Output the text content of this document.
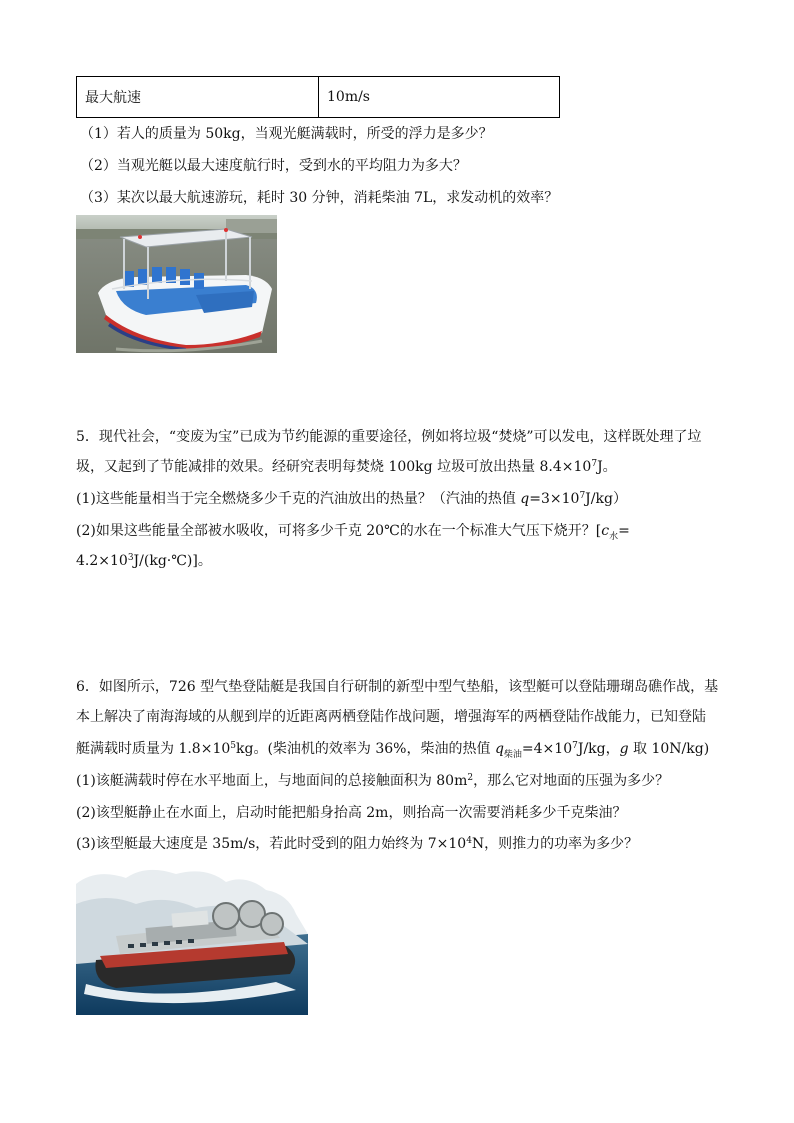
最大航速	10m/s
（1）若人的质量为 50kg，当观光艇满载时，所受的浮力是多少？
（2）当观光艇以最大速度航行时，受到水的平均阻力为多大？
（3）某次以最大航速游玩，耗时 30 分钟，消耗柴油 7L，求发动机的效率？
5．现代社会，“变废为宝”已成为节约能源的重要途径，例如将垃圾“焚烧”可以发电，这样既处理了垃
圾，又起到了节能减排的效果。经研究表明每焚烧 100kg 垃圾可放出热量 $8.4\times 10^7J$。
(1)这些能量相当于完全燃烧多少千克的汽油放出的热量？（汽油的热值 $q=3\times 10^7J/kg$）
(2)如果这些能量全部被水吸收，可将多少千克 20℃的水在一个标准大气压下烧开？[$c_水=$
$4.2\times 10^3J/(kg\cdot℃)$]。
6．如图所示，726 型气垫登陆艇是我国自行研制的新型中型气垫船，该型艇可以登陆珊瑚岛礁作战，基
本上解决了南海海域的从舰到岸的近距离两栖登陆作战问题，增强海军的两栖登陆作战能力，已知登陆
艇满载时质量为 $1.8\times 10^5kg$。(柴油机的效率为 36%，柴油的热值 $q_{柴油}=4\times 10^7J/kg$，g 取 10N/kg)
(1)该艇满载时停在水平地面上，与地面间的总接触面积为 $80m^2$，那么它对地面的压强为多少？
(2)该型艇静止在水面上，启动时能把船身抬高 2m，则抬高一次需要消耗多少千克柴油？
(3)该型艇最大速度是 35m/s，若此时受到的阻力始终为 $7\times 10^4N$，则推力的功率为多少？
